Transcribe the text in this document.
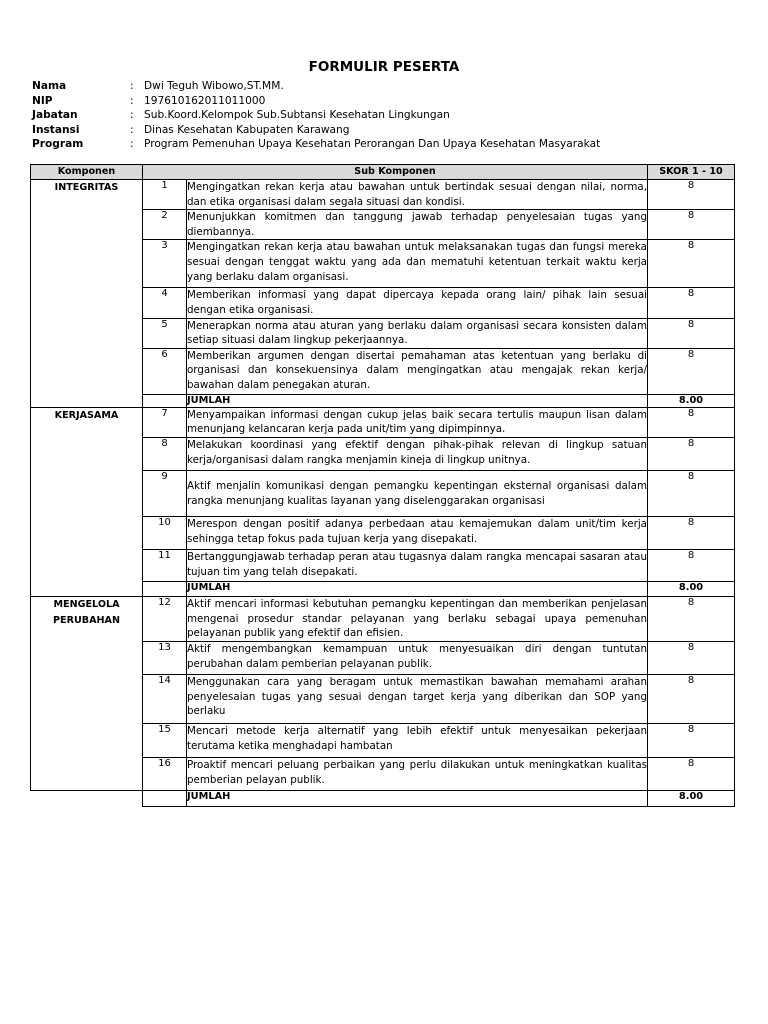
FORMULIR PESERTA
Nama	: Dwi Teguh Wibowo,ST.MM.
NIP	: 197610162011011000
Jabatan	: Sub.Koord.Kelompok Sub.Subtansi Kesehatan Lingkungan
Instansi	: Dinas Kesehatan Kabupaten Karawang
Program	: Program Pemenuhan Upaya Kesehatan Perorangan Dan Upaya Kesehatan Masyarakat
Komponen	Sub Komponen		SKOR 1 - 10
INTEGRITAS	1	Mengingatkan rekan kerja atau bawahan untuk bertindak sesuai dengan nilai, norma, dan etika organisasi dalam segala situasi dan kondisi.	8
	2	Menunjukkan komitmen dan tanggung jawab terhadap penyelesaian tugas yang diembannya.	8
	3	Mengingatkan rekan kerja atau bawahan untuk melaksanakan tugas dan fungsi mereka sesuai dengan tenggat waktu yang ada dan mematuhi ketentuan terkait waktu kerja yang berlaku dalam organisasi.	8
	4	Memberikan informasi yang dapat dipercaya kepada orang lain/ pihak lain sesuai dengan etika organisasi.	8
	5	Menerapkan norma atau aturan yang berlaku dalam organisasi secara konsisten dalam setiap situasi dalam lingkup pekerjaannya.	8
	6	Memberikan argumen dengan disertai pemahaman atas ketentuan yang berlaku di organisasi dan konsekuensinya dalam mengingatkan atau mengajak rekan kerja/ bawahan dalam penegakan aturan.	8
		JUMLAH	8.00
KERJASAMA	7	Menyampaikan informasi dengan cukup jelas baik secara tertulis maupun lisan dalam menunjang kelancaran kerja pada unit/tim yang dipimpinnya.	8
	8	Melakukan koordinasi yang efektif dengan pihak-pihak relevan di lingkup satuan kerja/organisasi dalam rangka menjamin kineja di lingkup unitnya.	8
	9	Aktif menjalin komunikasi dengan pemangku kepentingan eksternal organisasi dalam rangka menunjang kualitas layanan yang diselenggarakan organisasi	8
	10	Merespon dengan positif adanya perbedaan atau kemajemukan dalam unit/tim kerja sehingga tetap fokus pada tujuan kerja yang disepakati.	8
	11	Bertanggungjawab terhadap peran atau tugasnya dalam rangka mencapai sasaran atau tujuan tim yang telah disepakati.	8
		JUMLAH	8.00
MENGELOLA
PERUBAHAN	12	Aktif mencari informasi kebutuhan pemangku kepentingan dan memberikan penjelasan mengenai prosedur standar pelayanan yang berlaku sebagai upaya pemenuhan pelayanan publik yang efektif dan efisien.	8
	13	Aktif mengembangkan kemampuan untuk menyesuaikan diri dengan tuntutan perubahan dalam pemberian pelayanan publik.	8
	14	Menggunakan cara yang beragam untuk memastikan bawahan memahami arahan penyelesaian tugas yang sesuai dengan target kerja yang diberikan dan SOP yang berlaku	8
	15	Mencari metode kerja alternatif yang lebih efektif untuk menyesaikan pekerjaan terutama ketika menghadapi hambatan	8
	16	Proaktif mencari peluang perbaikan yang perlu dilakukan untuk meningkatkan kualitas pemberian pelayan publik.	8
		JUMLAH	8.00
